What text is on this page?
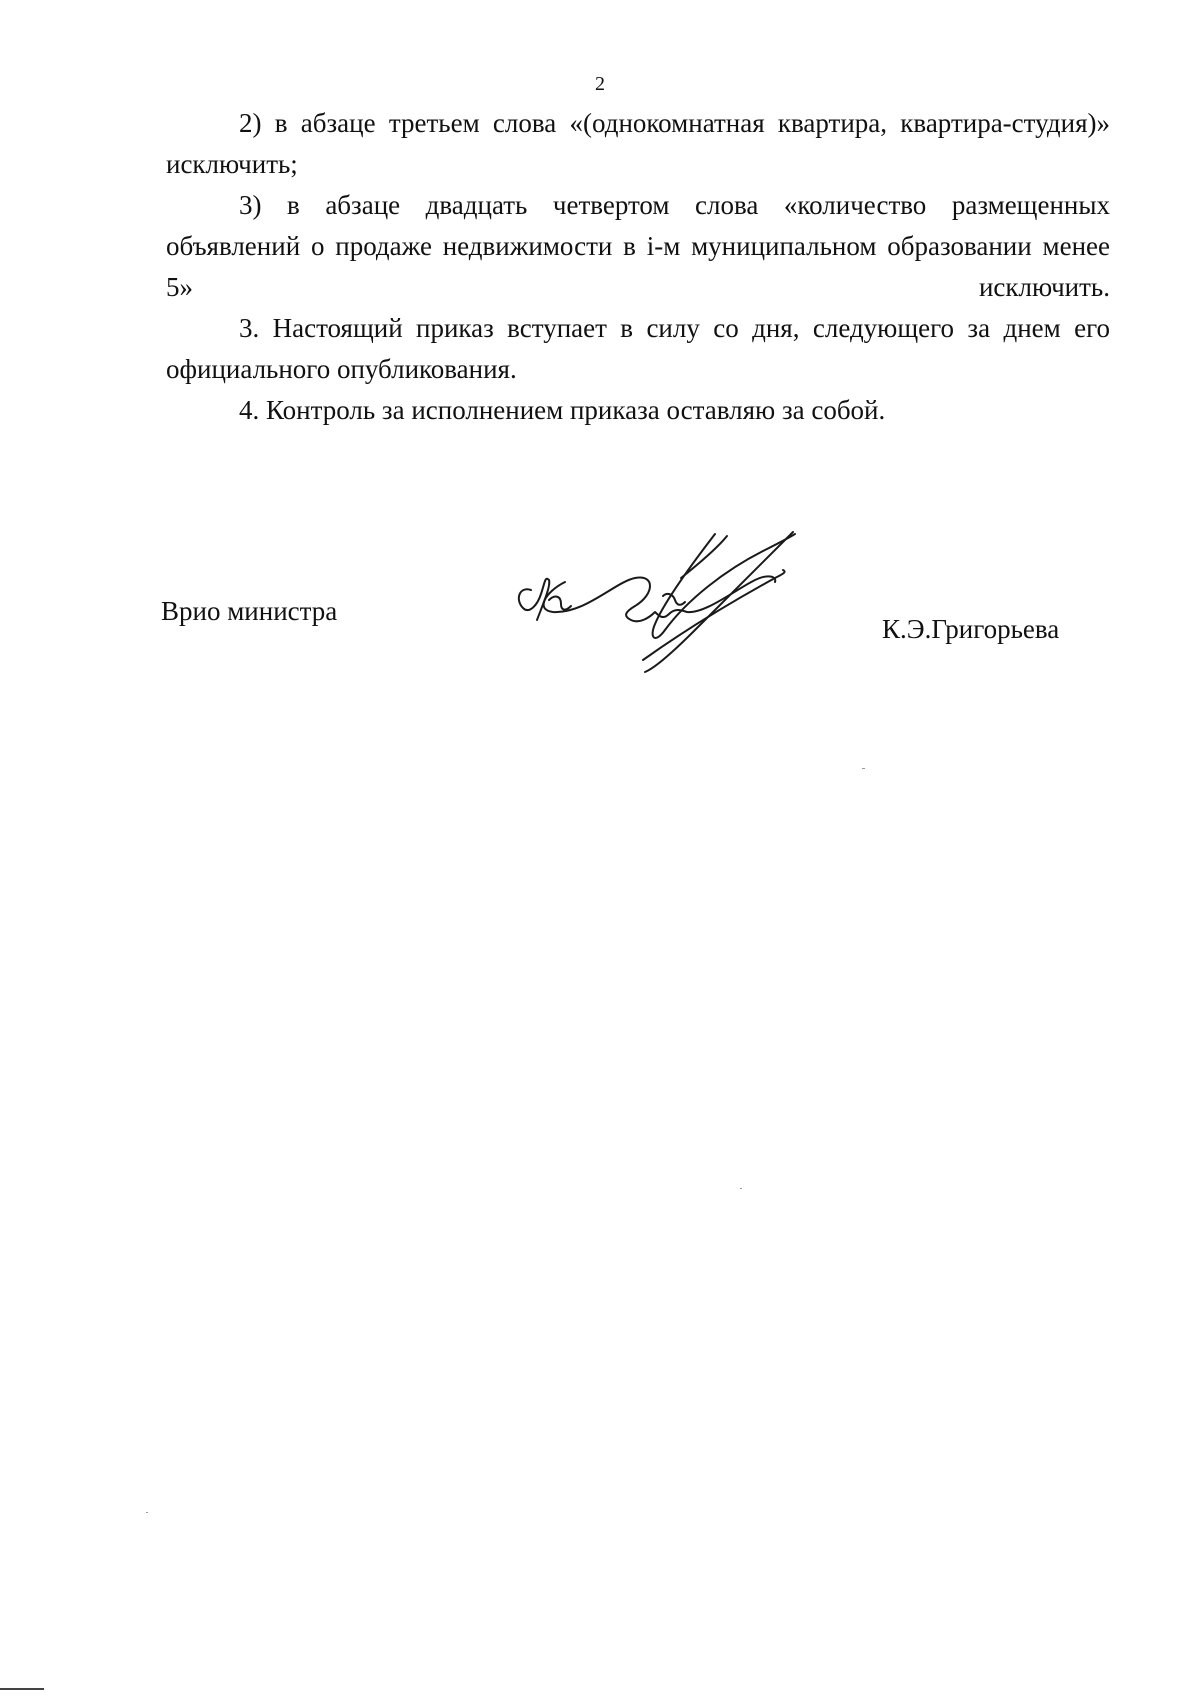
2

2) в абзаце третьем слова «(однокомнатная квартира, квартира-студия)» исключить;

3) в абзаце двадцать четвертом слова «количество размещенных объявлений о продаже недвижимости в i-м муниципальном образовании менее 5» исключить.

3. Настоящий приказ вступает в силу со дня, следующего за днем его официального опубликования.

4. Контроль за исполнением приказа оставляю за собой.

Врио министра

К.Э.Григорьева
